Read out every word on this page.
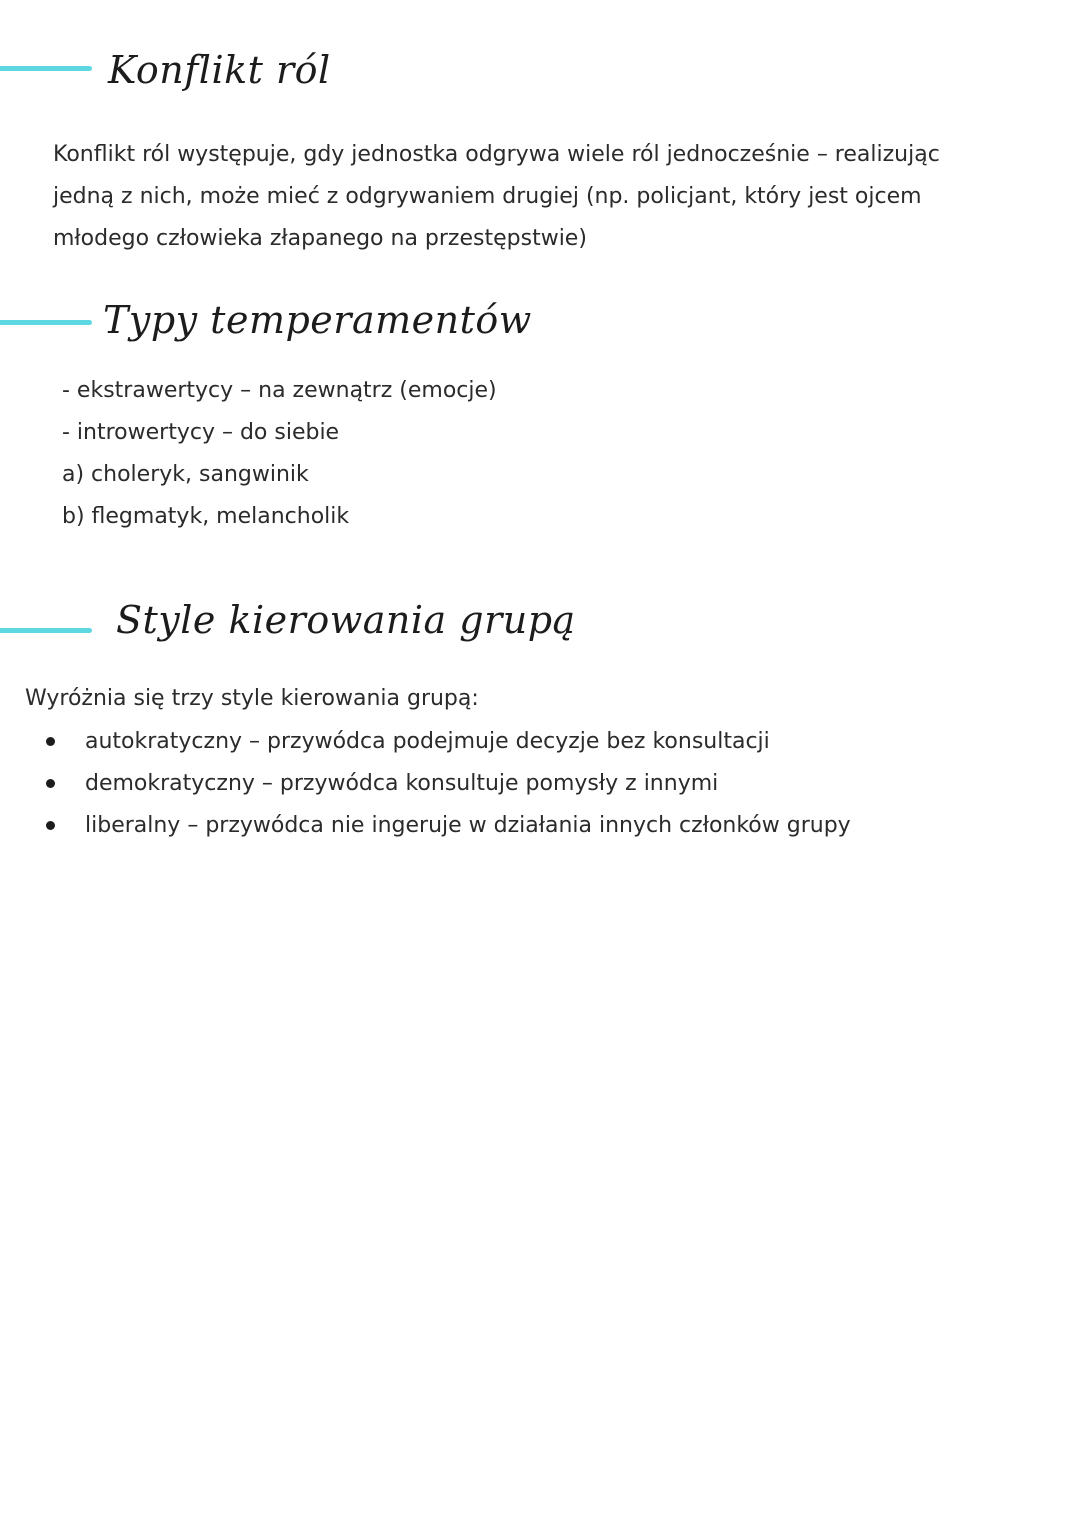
Konflikt ról
Konflikt ról występuje, gdy jednostka odgrywa wiele ról jednocześnie – realizując
jedną z nich, może mieć z odgrywaniem drugiej (np. policjant, który jest ojcem
młodego człowieka złapanego na przestępstwie)
Typy temperamentów
- ekstrawertycy – na zewnątrz (emocje)
- introwertycy – do siebie
a) choleryk, sangwinik
b) flegmatyk, melancholik
Style kierowania grupą
Wyróżnia się trzy style kierowania grupą:
autokratyczny – przywódca podejmuje decyzje bez konsultacji
demokratyczny – przywódca konsultuje pomysły z innymi
liberalny – przywódca nie ingeruje w działania innych członków grupy
